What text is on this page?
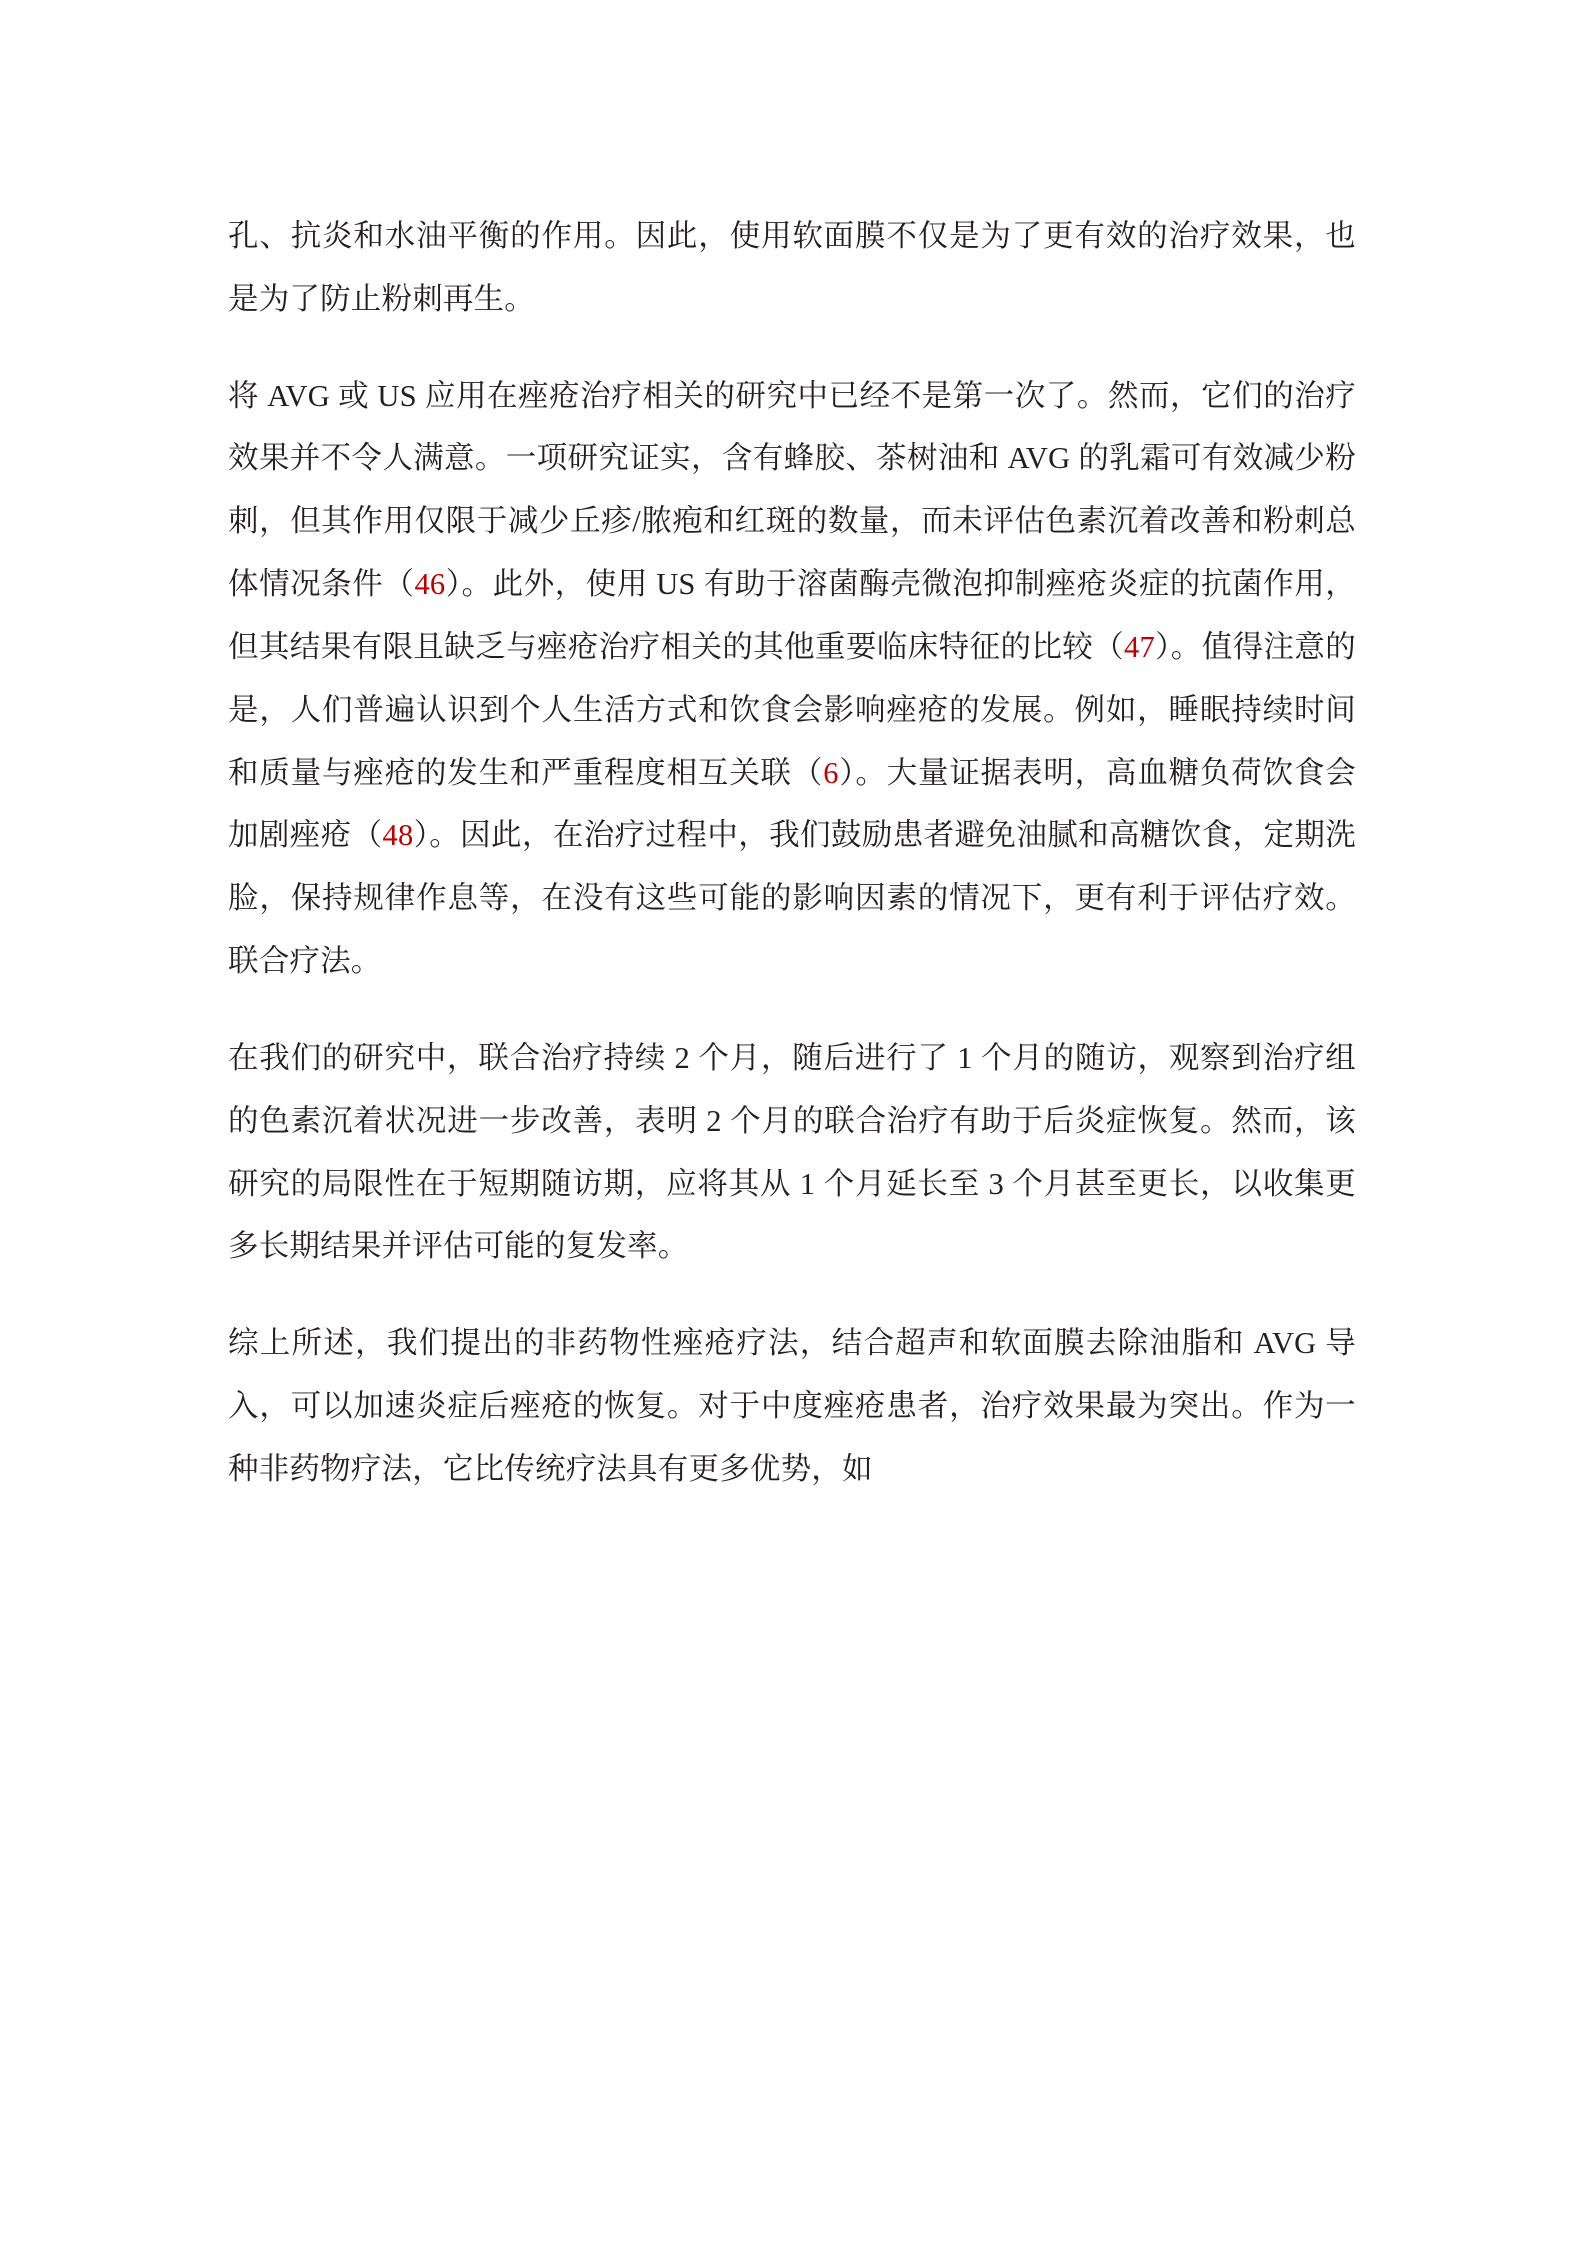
孔、抗炎和水油平衡的作用。因此，使用软面膜不仅是为了更有效的治疗效果，也是为了防止粉刺再生。

将 AVG 或 US 应用在痤疮治疗相关的研究中已经不是第一次了。然而，它们的治疗效果并不令人满意。一项研究证实，含有蜂胶、茶树油和 AVG 的乳霜可有效减少粉刺，但其作用仅限于减少丘疹/脓疱和红斑的数量，而未评估色素沉着改善和粉刺总体情况条件（46）。此外，使用 US 有助于溶菌酶壳微泡抑制痤疮炎症的抗菌作用，但其结果有限且缺乏与痤疮治疗相关的其他重要临床特征的比较（47）。值得注意的是，人们普遍认识到个人生活方式和饮食会影响痤疮的发展。例如，睡眠持续时间和质量与痤疮的发生和严重程度相互关联（6）。大量证据表明，高血糖负荷饮食会加剧痤疮（48）。因此，在治疗过程中，我们鼓励患者避免油腻和高糖饮食，定期洗脸，保持规律作息等，在没有这些可能的影响因素的情况下，更有利于评估疗效。联合疗法。

在我们的研究中，联合治疗持续 2 个月，随后进行了 1 个月的随访，观察到治疗组的色素沉着状况进一步改善，表明 2 个月的联合治疗有助于后炎症恢复。然而，该研究的局限性在于短期随访期，应将其从 1 个月延长至 3 个月甚至更长，以收集更多长期结果并评估可能的复发率。

综上所述，我们提出的非药物性痤疮疗法，结合超声和软面膜去除油脂和 AVG 导入，可以加速炎症后痤疮的恢复。对于中度痤疮患者，治疗效果最为突出。作为一种非药物疗法，它比传统疗法具有更多优势，如
